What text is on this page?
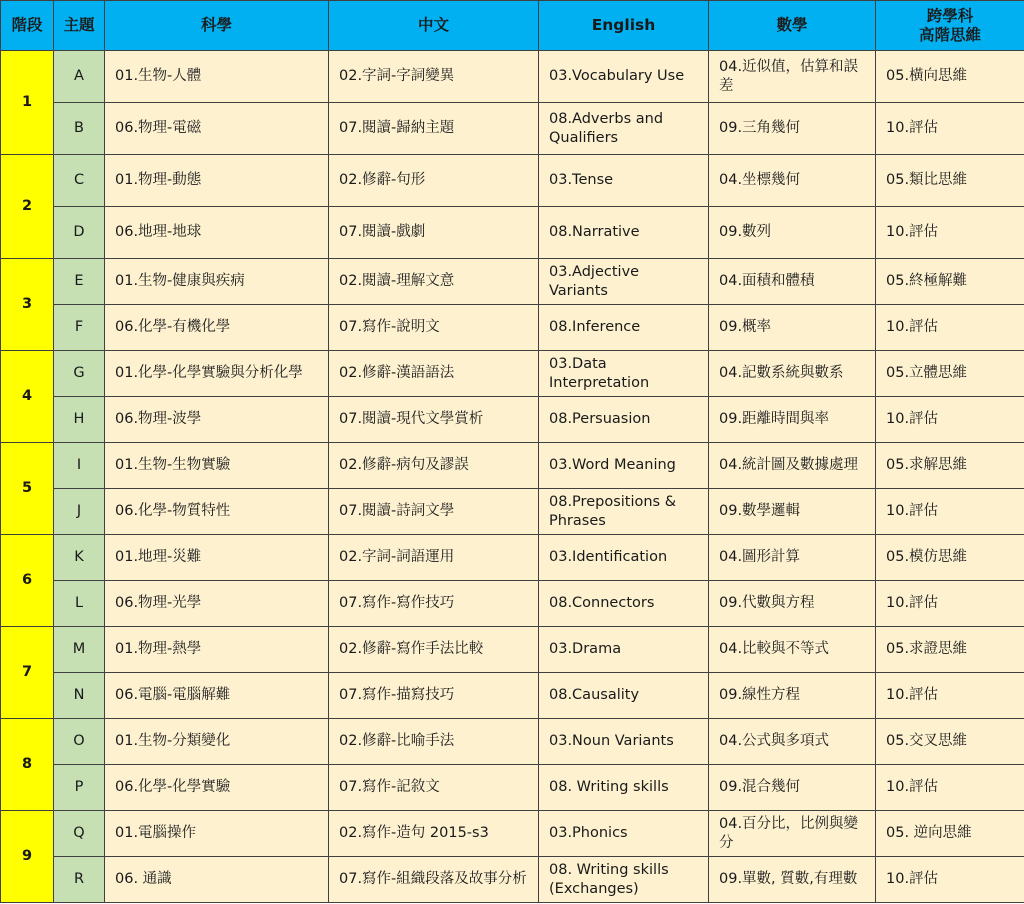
階段	主題	科學	中文	English	數學	跨學科
高階思維

1	A	01.生物-人體	02.字詞-字詞變異	03.Vocabulary Use	04.近似值，估算和誤差	05.橫向思維
	B	06.物理-電磁	07.閱讀-歸納主題	08.Adverbs and Qualifiers	09.三角幾何	10.評估
2	C	01.物理-動態	02.修辭-句形	03.Tense	04.坐標幾何	05.類比思維
	D	06.地理-地球	07.閱讀-戲劇	08.Narrative	09.數列	10.評估
3	E	01.生物-健康與疾病	02.閱讀-理解文意	03.Adjective Variants	04.面積和體積	05.終極解難
	F	06.化學-有機化學	07.寫作-說明文	08.Inference	09.概率	10.評估
4	G	01.化學-化學實驗與分析化學	02.修辭-漢語語法	03.Data Interpretation	04.記數系統與數系	05.立體思維
	H	06.物理-波學	07.閱讀-現代文學賞析	08.Persuasion	09.距離時間與率	10.評估
5	I	01.生物-生物實驗	02.修辭-病句及謬誤	03.Word Meaning	04.統計圖及數據處理	05.求解思維
	J	06.化學-物質特性	07.閱讀-詩詞文學	08.Prepositions & Phrases	09.數學邏輯	10.評估
6	K	01.地理-災難	02.字詞-詞語運用	03.Identification	04.圖形計算	05.模仿思維
	L	06.物理-光學	07.寫作-寫作技巧	08.Connectors	09.代數與方程	10.評估
7	M	01.物理-熱學	02.修辭-寫作手法比較	03.Drama	04.比較與不等式	05.求證思維
	N	06.電腦-電腦解難	07.寫作-描寫技巧	08.Causality	09.線性方程	10.評估
8	O	01.生物-分類變化	02.修辭-比喻手法	03.Noun Variants	04.公式與多項式	05.交叉思維
	P	06.化學-化學實驗	07.寫作-記敘文	08. Writing skills	09.混合幾何	10.評估
9	Q	01.電腦操作	02.寫作-造句 2015-s3	03.Phonics	04.百分比，比例與變分	05. 逆向思維
	R	06. 通識	07.寫作-組織段落及故事分析	08. Writing skills (Exchanges)	09.單數, 質數,有理數	10.評估
